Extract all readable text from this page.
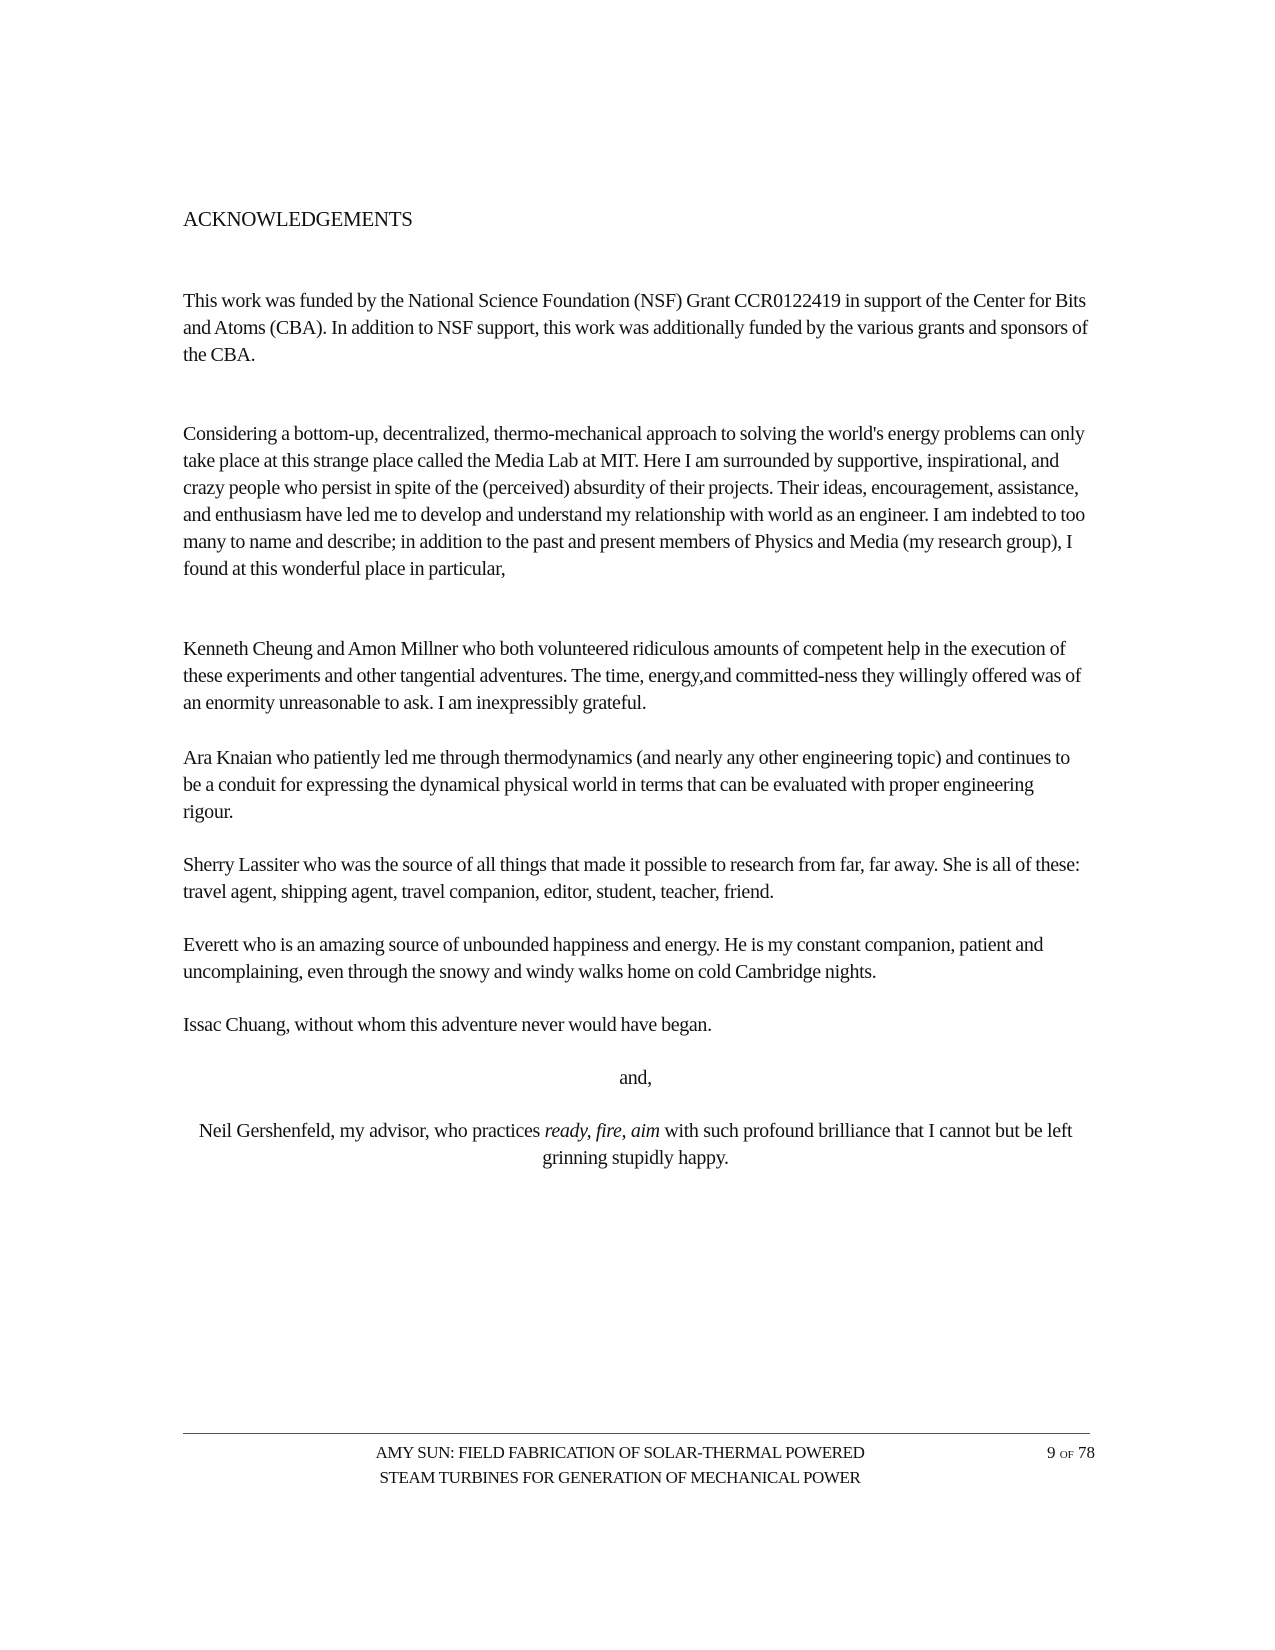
ACKNOWLEDGEMENTS

This work was funded by the National Science Foundation (NSF) Grant CCR0122419 in support of the Center for Bits and Atoms (CBA). In addition to NSF support, this work was additionally funded by the various grants and sponsors of the CBA.

Considering a bottom-up, decentralized, thermo-mechanical approach to solving the world's energy problems can only take place at this strange place called the Media Lab at MIT. Here I am surrounded by supportive, inspirational, and crazy people who persist in spite of the (perceived) absurdity of their projects. Their ideas, encouragement, assistance, and enthusiasm have led me to develop and understand my relationship with world as an engineer. I am indebted to too many to name and describe; in addition to the past and present members of Physics and Media (my research group), I found at this wonderful place in particular,

Kenneth Cheung and Amon Millner who both volunteered ridiculous amounts of competent help in the execution of these experiments and other tangential adventures. The time, energy,and committed-ness they willingly offered was of an enormity unreasonable to ask. I am inexpressibly grateful.

Ara Knaian who patiently led me through thermodynamics (and nearly any other engineering topic) and continues to be a conduit for expressing the dynamical physical world in terms that can be evaluated with proper engineering rigour.

Sherry Lassiter who was the source of all things that made it possible to research from far, far away. She is all of these: travel agent, shipping agent, travel companion, editor, student, teacher, friend.

Everett who is an amazing source of unbounded happiness and energy. He is my constant companion, patient and uncomplaining, even through the snowy and windy walks home on cold Cambridge nights.

Issac Chuang, without whom this adventure never would have began.

and,

Neil Gershenfeld, my advisor, who practices ready, fire, aim with such profound brilliance that I cannot but be left grinning stupidly happy.

AMY SUN: FIELD FABRICATION OF SOLAR-THERMAL POWERED
STEAM TURBINES FOR GENERATION OF MECHANICAL POWER

9 OF 78
